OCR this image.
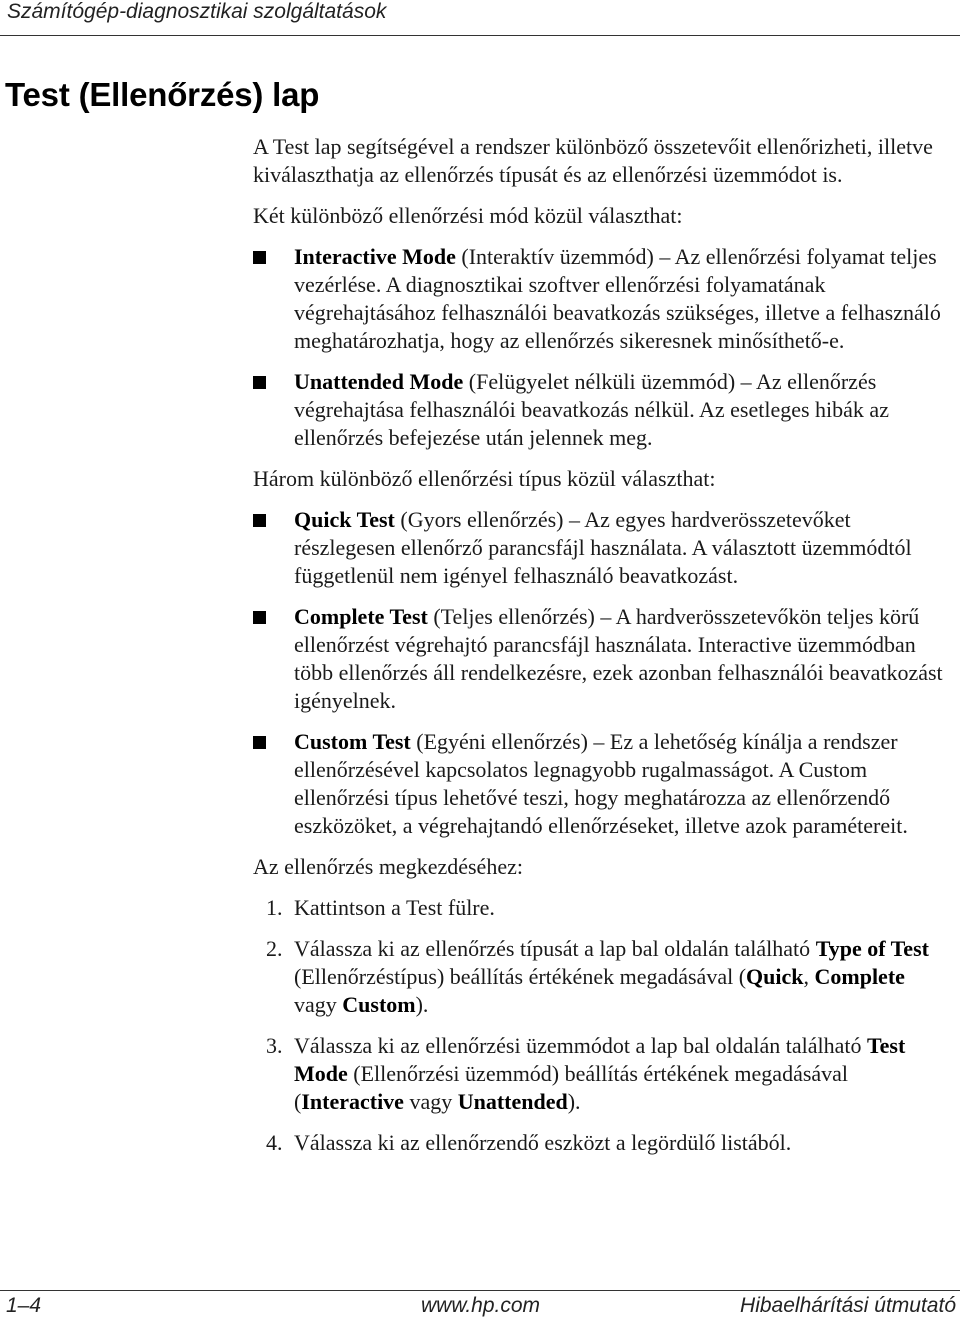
Számítógép-diagnosztikai szolgáltatások
Test (Ellenőrzés) lap

A Test lap segítségével a rendszer különböző összetevőit ellenőrizheti, illetve kiválaszthatja az ellenőrzés típusát és az ellenőrzési üzemmódot is.

Két különböző ellenőrzési mód közül választhat:

Interactive Mode (Interaktív üzemmód) – Az ellenőrzési folyamat teljes vezérlése. A diagnosztikai szoftver ellenőrzési folyamatának végrehajtásához felhasználói beavatkozás szükséges, illetve a felhasználó meghatározhatja, hogy az ellenőrzés sikeresnek minősíthető-e.
Unattended Mode (Felügyelet nélküli üzemmód) – Az ellenőrzés végrehajtása felhasználói beavatkozás nélkül. Az esetleges hibák az ellenőrzés befejezése után jelennek meg.

Három különböző ellenőrzési típus közül választhat:

Quick Test (Gyors ellenőrzés) – Az egyes hardverösszetevőket részlegesen ellenőrző parancsfájl használata. A választott üzemmódtól függetlenül nem igényel felhasználó beavatkozást.
Complete Test (Teljes ellenőrzés) – A hardverösszetevőkön teljes körű ellenőrzést végrehajtó parancsfájl használata. Interactive üzemmódban több ellenőrzés áll rendelkezésre, ezek azonban felhasználói beavatkozást igényelnek.
Custom Test (Egyéni ellenőrzés) – Ez a lehetőség kínálja a rendszer ellenőrzésével kapcsolatos legnagyobb rugalmasságot. A Custom ellenőrzési típus lehetővé teszi, hogy meghatározza az ellenőrzendő eszközöket, a végrehajtandó ellenőrzéseket, illetve azok paramétereit.

Az ellenőrzés megkezdéséhez:

1. Kattintson a Test fülre.
2. Válassza ki az ellenőrzés típusát a lap bal oldalán található Type of Test (Ellenőrzéstípus) beállítás értékének megadásával (Quick, Complete vagy Custom).
3. Válassza ki az ellenőrzési üzemmódot a lap bal oldalán található Test Mode (Ellenőrzési üzemmód) beállítás értékének megadásával (Interactive vagy Unattended).
4. Válassza ki az ellenőrzendő eszközt a legördülő listából.
1–4	www.hp.com	Hibaelhárítási útmutató
